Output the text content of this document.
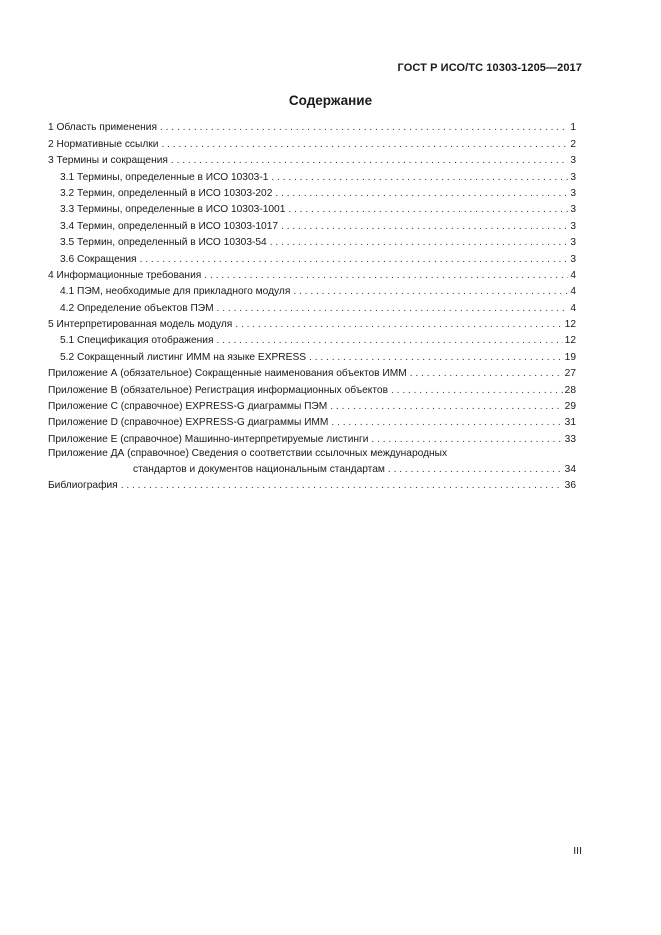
ГОСТ Р ИСО/ТС 10303-1205—2017
Содержание
1 Область применения . . .	1
2 Нормативные ссылки . . .	2
3 Термины и сокращения . . .	3
3.1 Термины, определенные в ИСО 10303-1 . . .	3
3.2 Термин, определенный в ИСО 10303-202 . . .	3
3.3 Термины, определенные в ИСО 10303-1001 . . .	3
3.4 Термин, определенный в ИСО 10303-1017 . . .	3
3.5 Термин, определенный в ИСО 10303-54 . . .	3
3.6 Сокращения . . .	3
4 Информационные требования . . .	4
4.1 ПЭМ, необходимые для прикладного модуля . . .	4
4.2 Определение объектов ПЭМ . . .	4
5 Интерпретированная модель модуля . . .	12
5.1 Спецификация отображения . . .	12
5.2 Сокращенный листинг ИММ на языке EXPRESS . . .	19
Приложение А (обязательное) Сокращенные наименования объектов ИММ . . .	27
Приложение В (обязательное) Регистрация информационных объектов . . .	28
Приложение С (справочное) EXPRESS-G диаграммы ПЭМ . . .	29
Приложение D (справочное) EXPRESS-G диаграммы ИММ . . .	31
Приложение Е (справочное) Машинно-интерпретируемые листинги . . .	33
Приложение ДА (справочное) Сведения о соответствии ссылочных международных
стандартов и документов национальным стандартам . . .	34
Библиография . . .	36
III
